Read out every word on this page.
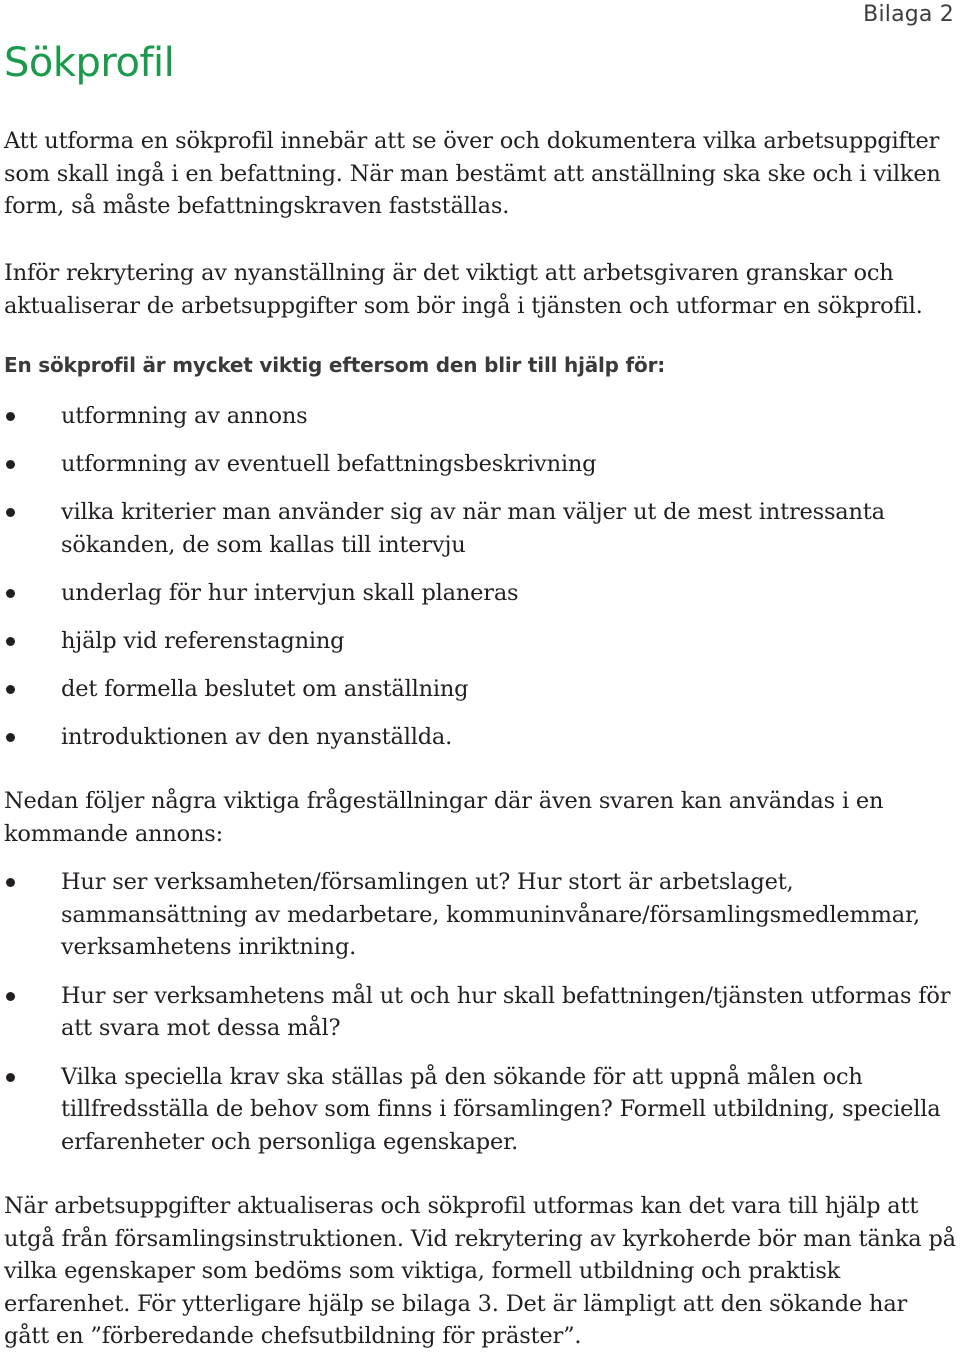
Bilaga 2
Sökprofil

Att utforma en sökprofil innebär att se över och dokumentera vilka arbetsuppgifter som skall ingå i en befattning. När man bestämt att anställning ska ske och i vilken form, så måste befattningskraven fastställas.

Inför rekrytering av nyanställning är det viktigt att arbetsgivaren granskar och aktualiserar de arbetsuppgifter som bör ingå i tjänsten och utformar en sökprofil.

En sökprofil är mycket viktig eftersom den blir till hjälp för:
utformning av annons
utformning av eventuell befattningsbeskrivning
vilka kriterier man använder sig av när man väljer ut de mest intressanta sökanden, de som kallas till intervju
underlag för hur intervjun skall planeras
hjälp vid referenstagning
det formella beslutet om anställning
introduktionen av den nyanställda.

Nedan följer några viktiga frågeställningar där även svaren kan användas i en kommande annons:

Hur ser verksamheten/församlingen ut? Hur stort är arbetslaget, sammansättning av medarbetare, kommuninvånare/församlingsmedlemmar, verksamhetens inriktning.
Hur ser verksamhetens mål ut och hur skall befattningen/tjänsten utformas för att svara mot dessa mål?
Vilka speciella krav ska ställas på den sökande för att uppnå målen och tillfredsställa de behov som finns i församlingen? Formell utbildning, speciella erfarenheter och personliga egenskaper.

När arbetsuppgifter aktualiseras och sökprofil utformas kan det vara till hjälp att utgå från församlingsinstruktionen. Vid rekrytering av kyrkoherde bör man tänka på vilka egenskaper som bedöms som viktiga, formell utbildning och praktisk erfarenhet. För ytterligare hjälp se bilaga 3. Det är lämpligt att den sökande har gått en ”förberedande chefsutbildning för präster”.
